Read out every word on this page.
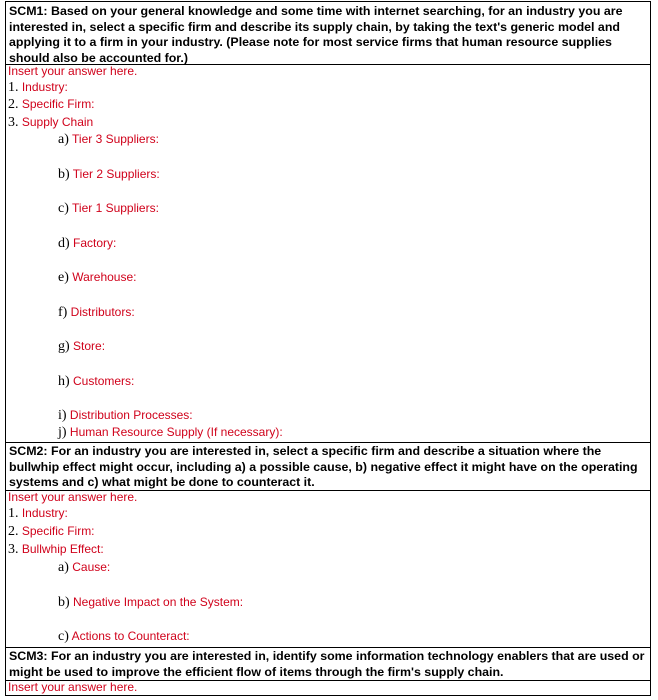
SCM1: Based on your general knowledge and some time with internet searching, for an industry you are interested in, select a specific firm and describe its supply chain, by taking the text's generic model and applying it to a firm in your industry. (Please note for most service firms that human resource supplies should also be accounted for.)
Insert your answer here.
1. Industry:
2. Specific Firm:
3. Supply Chain
a) Tier 3 Suppliers:
b) Tier 2 Suppliers:
c) Tier 1 Suppliers:
d) Factory:
e) Warehouse:
f) Distributors:
g) Store:
h) Customers:
i) Distribution Processes:
j) Human Resource Supply (If necessary):
SCM2: For an industry you are interested in, select a specific firm and describe a situation where the bullwhip effect might occur, including a) a possible cause, b) negative effect it might have on the operating systems and c) what might be done to counteract it.
Insert your answer here.
1. Industry:
2. Specific Firm:
3. Bullwhip Effect:
a) Cause:
b) Negative Impact on the System:
c) Actions to Counteract:
SCM3: For an industry you are interested in, identify some information technology enablers that are used or might be used to improve the efficient flow of items through the firm's supply chain.
Insert your answer here.
